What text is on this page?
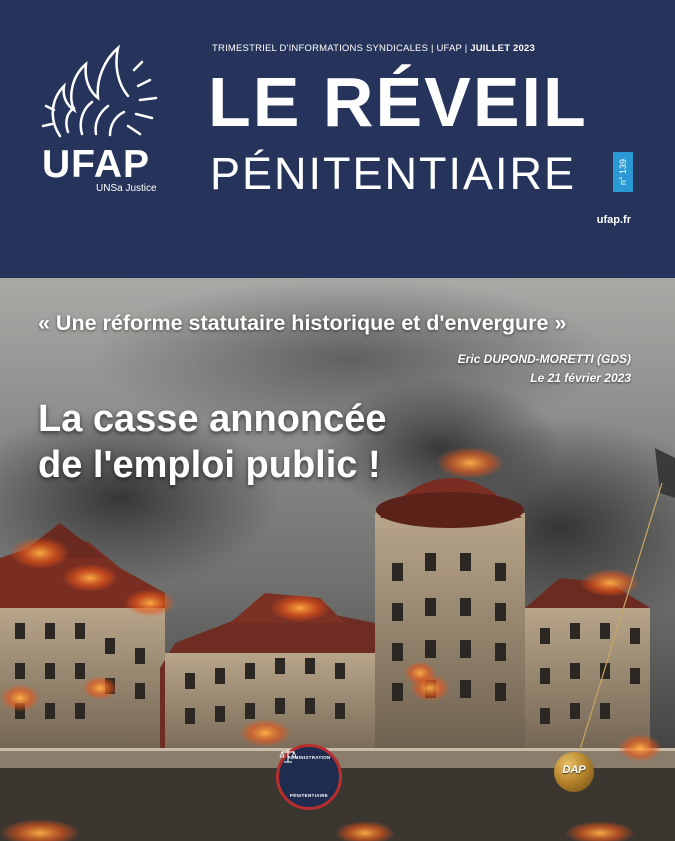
UFAP
UNSa Justice
TRIMESTRIEL D'INFORMATIONS SYNDICALES | UFAP | JUILLET 2023
LE RÉVEIL
PÉNITENTIAIRE	n° 139
ufap.fr
« Une réforme statutaire historique et d'envergure »
Eric DUPOND-MORETTI (GDS)
Le 21 février 2023
La casse annoncée
de l'emploi public !
ADMINISTRATION
PÉNITENTIAIRE
DAP
